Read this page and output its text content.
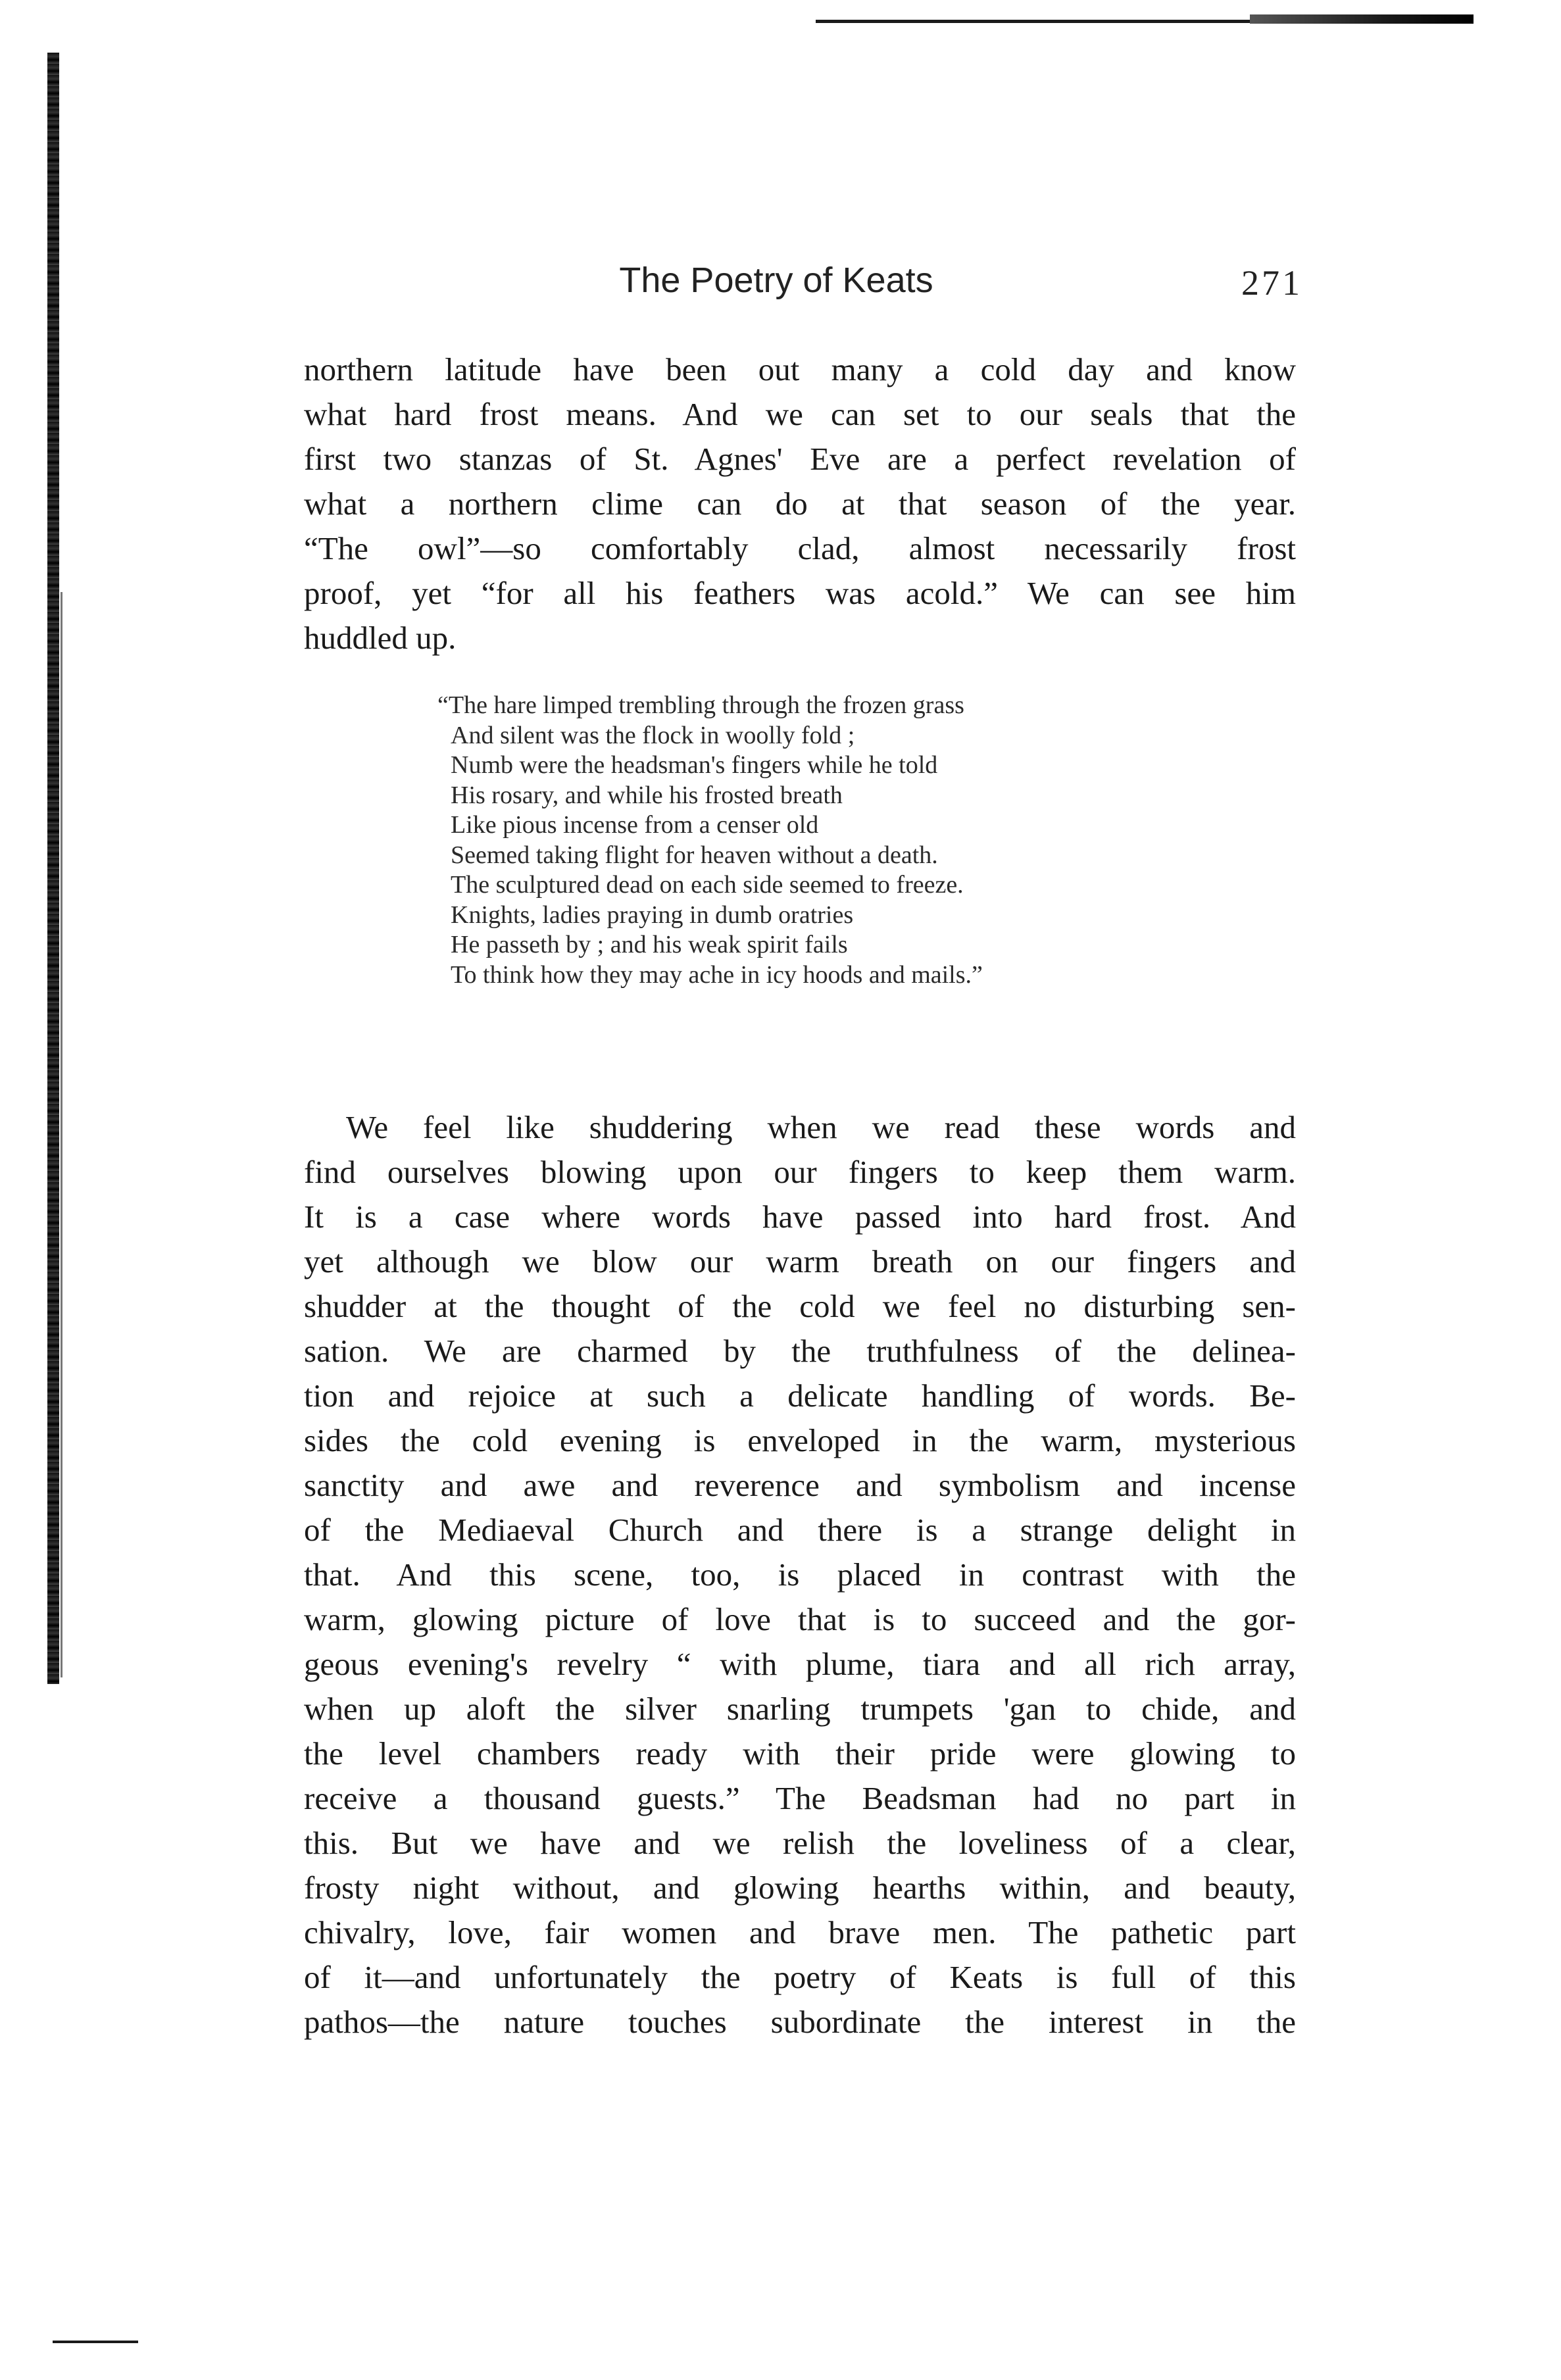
The Poetry of Keats	271
northern latitude have been out many a cold day and know
what hard frost means. And we can set to our seals that the
first two stanzas of St. Agnes' Eve are a perfect revelation of
what a northern clime can do at that season of the year.
“The owl”—so comfortably clad, almost necessarily frost
proof, yet “for all his feathers was acold.” We can see him
huddled up.
“The hare limped trembling through the frozen grass
And silent was the flock in woolly fold ;
Numb were the headsman's fingers while he told
His rosary, and while his frosted breath
Like pious incense from a censer old
Seemed taking flight for heaven without a death.
The sculptured dead on each side seemed to freeze.
Knights, ladies praying in dumb oratries
He passeth by ; and his weak spirit fails
To think how they may ache in icy hoods and mails.”
We feel like shuddering when we read these words and
find ourselves blowing upon our fingers to keep them warm.
It is a case where words have passed into hard frost. And
yet although we blow our warm breath on our fingers and
shudder at the thought of the cold we feel no disturbing sen-
sation. We are charmed by the truthfulness of the delinea-
tion and rejoice at such a delicate handling of words. Be-
sides the cold evening is enveloped in the warm, mysterious
sanctity and awe and reverence and symbolism and incense
of the Mediaeval Church and there is a strange delight in
that. And this scene, too, is placed in contrast with the
warm, glowing picture of love that is to succeed and the gor-
geous evening's revelry “ with plume, tiara and all rich array,
when up aloft the silver snarling trumpets 'gan to chide, and
the level chambers ready with their pride were glowing to
receive a thousand guests.” The Beadsman had no part in
this. But we have and we relish the loveliness of a clear,
frosty night without, and glowing hearths within, and beauty,
chivalry, love, fair women and brave men. The pathetic part
of it—and unfortunately the poetry of Keats is full of this
pathos—the nature touches subordinate the interest in the
